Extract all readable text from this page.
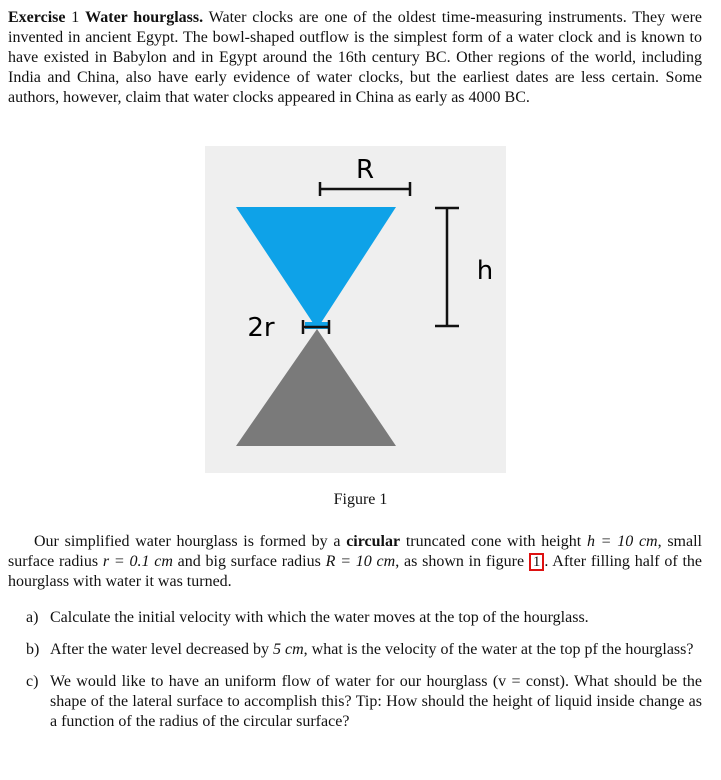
Exercise 1 Water hourglass. Water clocks are one of the oldest time-measuring instruments. They were invented in ancient Egypt. The bowl-shaped outflow is the simplest form of a water clock and is known to have existed in Babylon and in Egypt around the 16th century BC. Other regions of the world, including India and China, also have early evidence of water clocks, but the earliest dates are less certain. Some authors, however, claim that water clocks appeared in China as early as 4000 BC.
R
h
2r
Figure 1
Our simplified water hourglass is formed by a circular truncated cone with height h = 10 cm, small surface radius r = 0.1 cm and big surface radius R = 10 cm, as shown in figure 1 . After filling half of the hourglass with water it was turned.
a) Calculate the initial velocity with which the water moves at the top of the hourglass.
b) After the water level decreased by 5 cm, what is the velocity of the water at the top pf the hourglass?
c) We would like to have an uniform flow of water for our hourglass (v = const). What should be the shape of the lateral surface to accomplish this? Tip: How should the height of liquid inside change as a function of the radius of the circular surface?
